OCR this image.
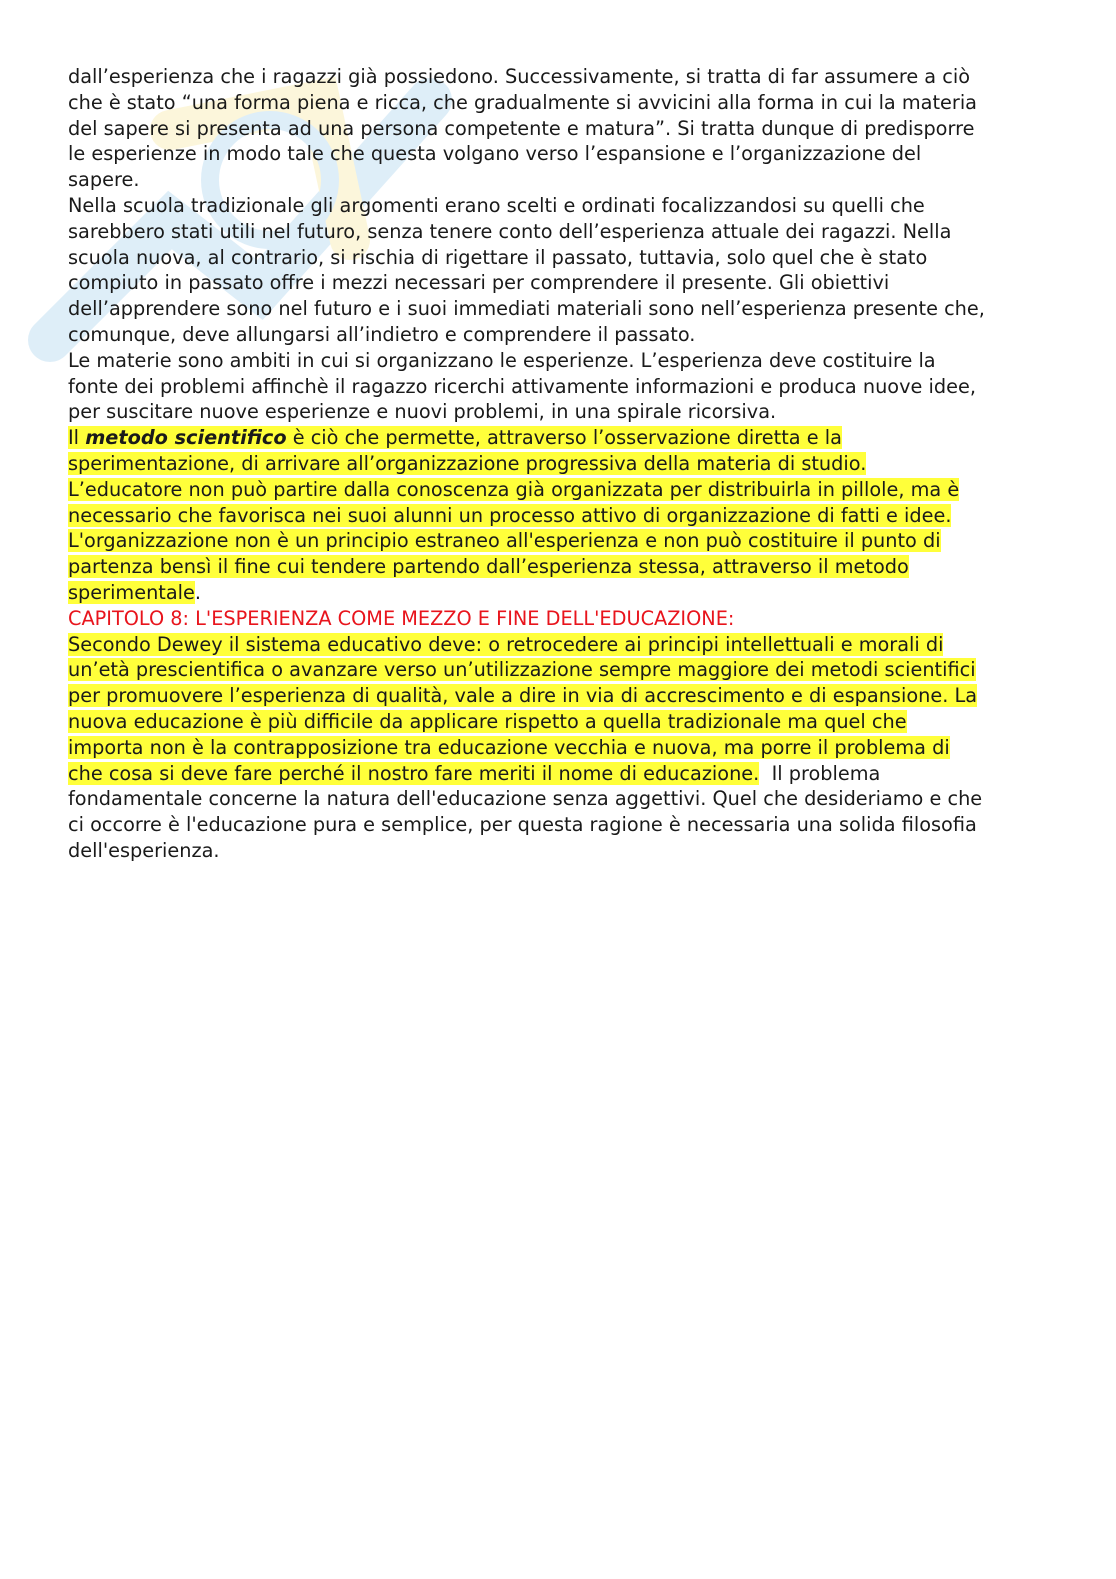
dall’esperienza che i ragazzi già possiedono. Successivamente, si tratta di far assumere a ciò
che è stato “una forma piena e ricca, che gradualmente si avvicini alla forma in cui la materia
del sapere si presenta ad una persona competente e matura”. Si tratta dunque di predisporre
le esperienze in modo tale che questa volgano verso l’espansione e l’organizzazione del
sapere.
Nella scuola tradizionale gli argomenti erano scelti e ordinati focalizzandosi su quelli che
sarebbero stati utili nel futuro, senza tenere conto dell’esperienza attuale dei ragazzi. Nella
scuola nuova, al contrario, si rischia di rigettare il passato, tuttavia, solo quel che è stato
compiuto in passato offre i mezzi necessari per comprendere il presente. Gli obiettivi
dell’apprendere sono nel futuro e i suoi immediati materiali sono nell’esperienza presente che,
comunque, deve allungarsi all’indietro e comprendere il passato.
Le materie sono ambiti in cui si organizzano le esperienze. L’esperienza deve costituire la
fonte dei problemi affinchè il ragazzo ricerchi attivamente informazioni e produca nuove idee,
per suscitare nuove esperienze e nuovi problemi, in una spirale ricorsiva.
Il metodo scientifico è ciò che permette, attraverso l’osservazione diretta e la
sperimentazione, di arrivare all’organizzazione progressiva della materia di studio.
L’educatore non può partire dalla conoscenza già organizzata per distribuirla in pillole, ma è
necessario che favorisca nei suoi alunni un processo attivo di organizzazione di fatti e idee.
L'organizzazione non è un principio estraneo all'esperienza e non può costituire il punto di
partenza bensì il fine cui tendere partendo dall’esperienza stessa, attraverso il metodo
sperimentale.
CAPITOLO 8: L'ESPERIENZA COME MEZZO E FINE DELL'EDUCAZIONE:
Secondo Dewey il sistema educativo deve: o retrocedere ai principi intellettuali e morali di
un’età prescientifica o avanzare verso un’utilizzazione sempre maggiore dei metodi scientifici
per promuovere l’esperienza di qualità, vale a dire in via di accrescimento e di espansione. La
nuova educazione è più difficile da applicare rispetto a quella tradizionale ma quel che
importa non è la contrapposizione tra educazione vecchia e nuova, ma porre il problema di
che cosa si deve fare perché il nostro fare meriti il nome di educazione.  Il problema
fondamentale concerne la natura dell'educazione senza aggettivi. Quel che desideriamo e che
ci occorre è l'educazione pura e semplice, per questa ragione è necessaria una solida filosofia
dell'esperienza.
